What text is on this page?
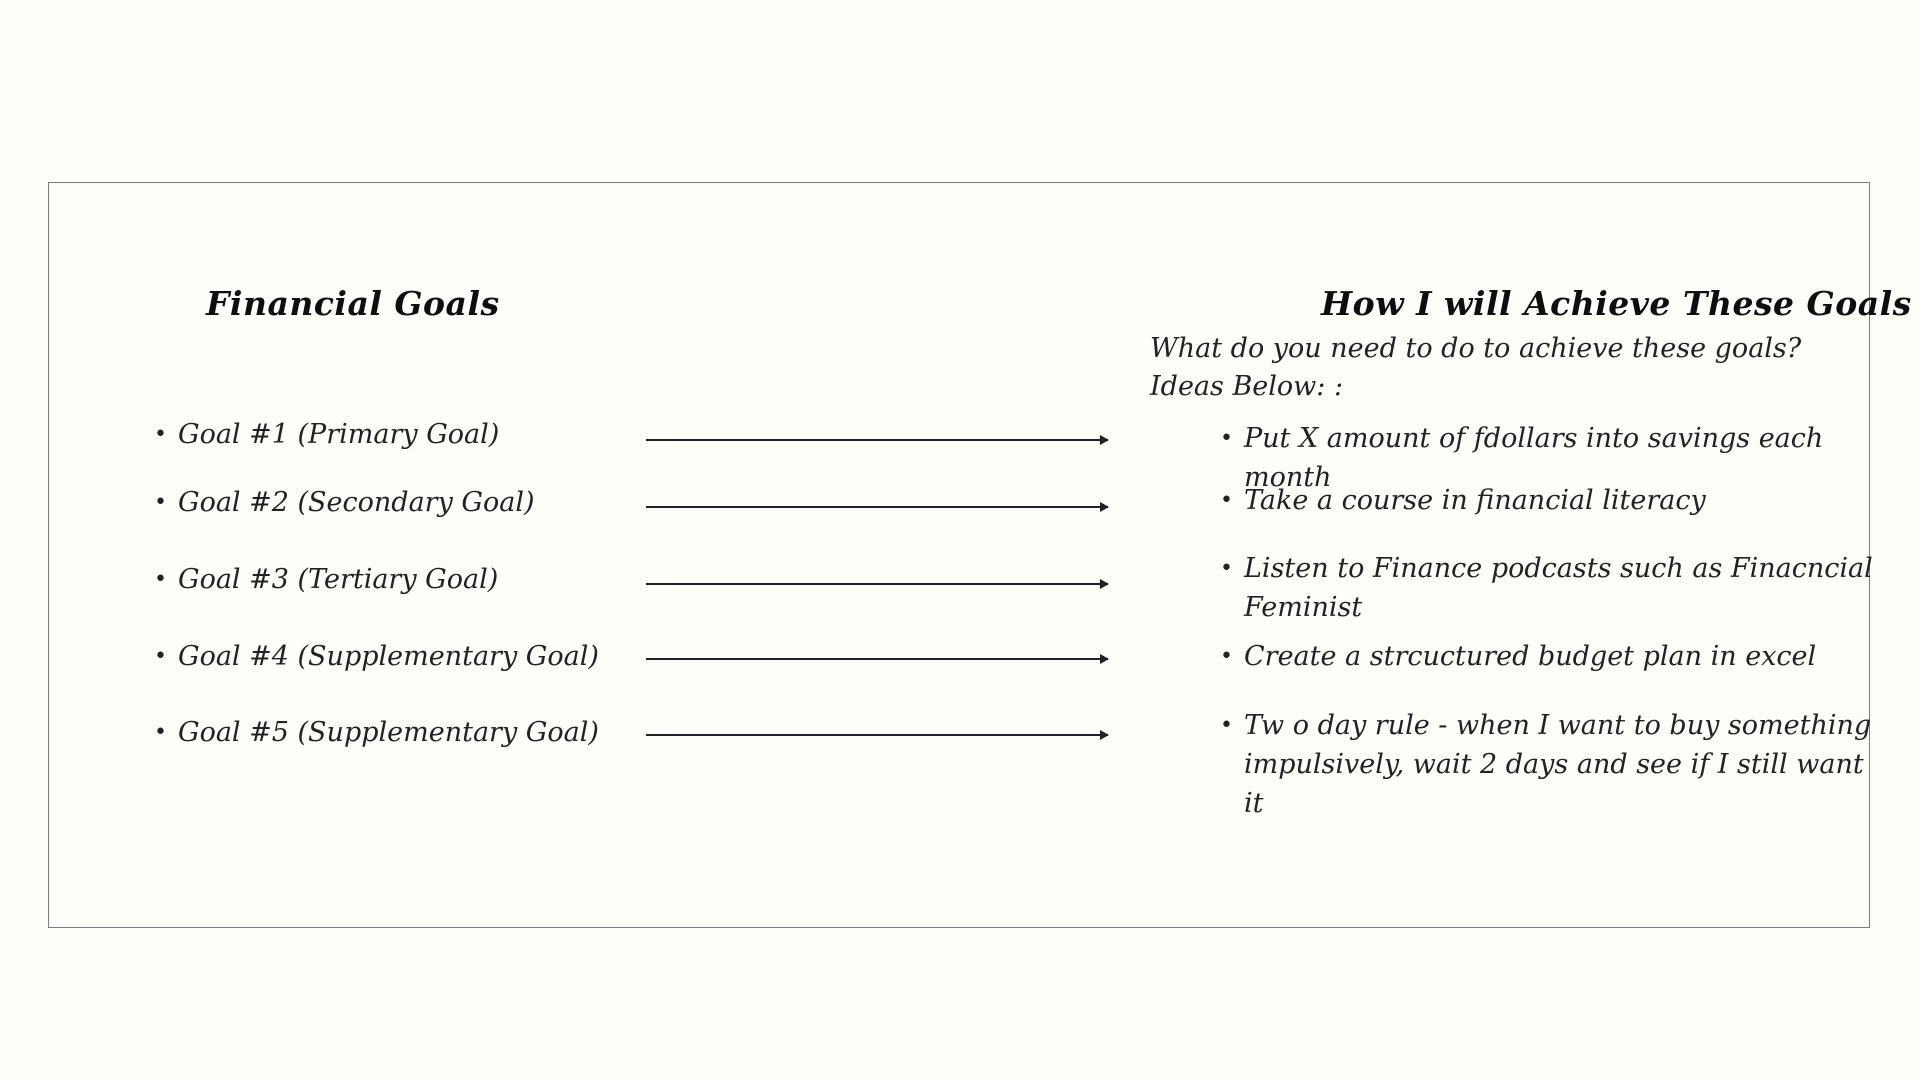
Financial Goals	How I will Achieve These Goals
What do you need to do to achieve these goals? Ideas Below: :
• Goal #1 (Primary Goal)
• Goal #2 (Secondary Goal)
• Goal #3 (Tertiary Goal)
• Goal #4 (Supplementary Goal)
• Goal #5 (Supplementary Goal)
• Put X amount of fdollars into savings each month
• Take a course in financial literacy
• Listen to Finance podcasts such as Finacncial Feminist
• Create a strcuctured budget plan in excel
• Tw o day rule - when I want to buy something impulsively, wait 2 days and see if I still want it
